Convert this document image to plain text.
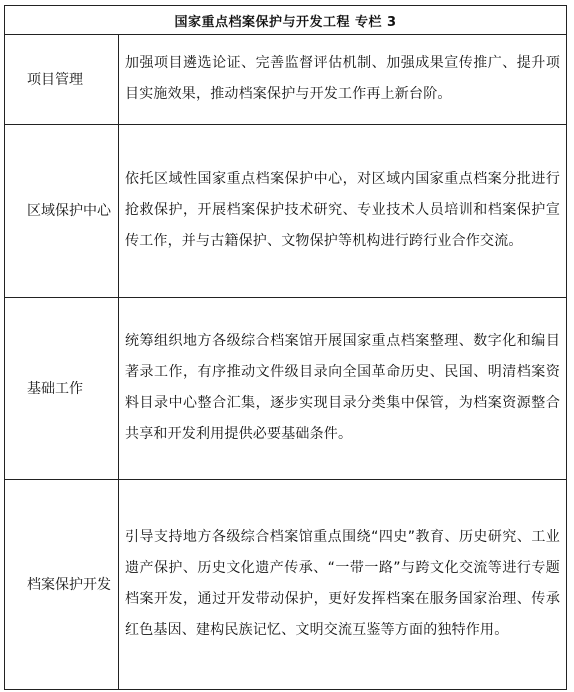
国家重点档案保护与开发工程 专栏 3	

项目管理	加强项目遴选论证、完善监督评估机制、加强成果宣传推广、提升项目实施效果，推动档案保护与开发工作再上新台阶。

区域保护中心	依托区域性国家重点档案保护中心，对区域内国家重点档案分批进行抢救保护，开展档案保护技术研究、专业技术人员培训和档案保护宣传工作，并与古籍保护、文物保护等机构进行跨行业合作交流。

基础工作	统筹组织地方各级综合档案馆开展国家重点档案整理、数字化和编目著录工作，有序推动文件级目录向全国革命历史、民国、明清档案资料目录中心整合汇集，逐步实现目录分类集中保管，为档案资源整合共享和开发利用提供必要基础条件。

档案保护开发	引导支持地方各级综合档案馆重点围绕“四史”教育、历史研究、工业遗产保护、历史文化遗产传承、“一带一路”与跨文化交流等进行专题档案开发，通过开发带动保护，更好发挥档案在服务国家治理、传承红色基因、建构民族记忆、文明交流互鉴等方面的独特作用。
